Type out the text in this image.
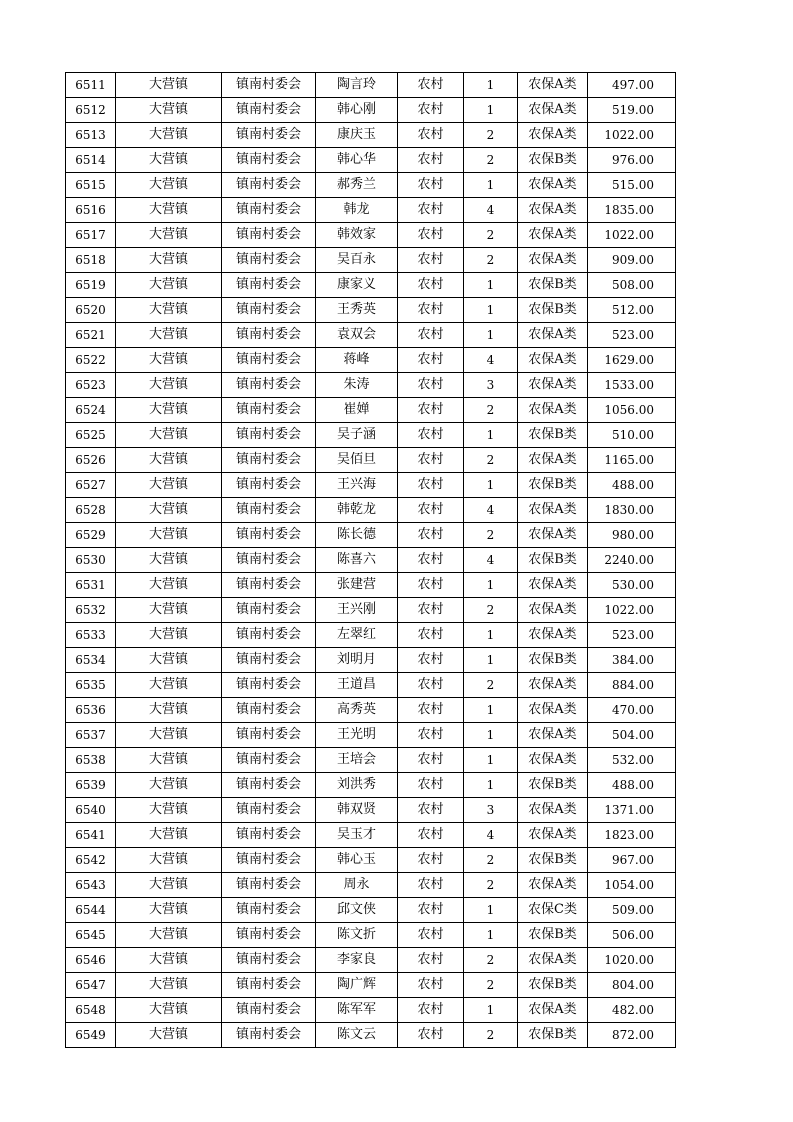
6511	大营镇	镇南村委会	陶言玲	农村	1	农保A类	497.00
6512	大营镇	镇南村委会	韩心刚	农村	1	农保A类	519.00
6513	大营镇	镇南村委会	康庆玉	农村	2	农保A类	1022.00
6514	大营镇	镇南村委会	韩心华	农村	2	农保B类	976.00
6515	大营镇	镇南村委会	郝秀兰	农村	1	农保A类	515.00
6516	大营镇	镇南村委会	韩龙	农村	4	农保A类	1835.00
6517	大营镇	镇南村委会	韩效家	农村	2	农保A类	1022.00
6518	大营镇	镇南村委会	吴百永	农村	2	农保A类	909.00
6519	大营镇	镇南村委会	康家义	农村	1	农保B类	508.00
6520	大营镇	镇南村委会	王秀英	农村	1	农保B类	512.00
6521	大营镇	镇南村委会	袁双会	农村	1	农保A类	523.00
6522	大营镇	镇南村委会	蒋峰	农村	4	农保A类	1629.00
6523	大营镇	镇南村委会	朱涛	农村	3	农保A类	1533.00
6524	大营镇	镇南村委会	崔婵	农村	2	农保A类	1056.00
6525	大营镇	镇南村委会	吴子涵	农村	1	农保B类	510.00
6526	大营镇	镇南村委会	吴佰旦	农村	2	农保A类	1165.00
6527	大营镇	镇南村委会	王兴海	农村	1	农保B类	488.00
6528	大营镇	镇南村委会	韩乾龙	农村	4	农保A类	1830.00
6529	大营镇	镇南村委会	陈长德	农村	2	农保A类	980.00
6530	大营镇	镇南村委会	陈喜六	农村	4	农保B类	2240.00
6531	大营镇	镇南村委会	张建营	农村	1	农保A类	530.00
6532	大营镇	镇南村委会	王兴刚	农村	2	农保A类	1022.00
6533	大营镇	镇南村委会	左翠红	农村	1	农保A类	523.00
6534	大营镇	镇南村委会	刘明月	农村	1	农保B类	384.00
6535	大营镇	镇南村委会	王道昌	农村	2	农保A类	884.00
6536	大营镇	镇南村委会	高秀英	农村	1	农保A类	470.00
6537	大营镇	镇南村委会	王光明	农村	1	农保A类	504.00
6538	大营镇	镇南村委会	王培会	农村	1	农保A类	532.00
6539	大营镇	镇南村委会	刘洪秀	农村	1	农保B类	488.00
6540	大营镇	镇南村委会	韩双贤	农村	3	农保A类	1371.00
6541	大营镇	镇南村委会	吴玉才	农村	4	农保A类	1823.00
6542	大营镇	镇南村委会	韩心玉	农村	2	农保B类	967.00
6543	大营镇	镇南村委会	周永	农村	2	农保A类	1054.00
6544	大营镇	镇南村委会	邱文侠	农村	1	农保C类	509.00
6545	大营镇	镇南村委会	陈文折	农村	1	农保B类	506.00
6546	大营镇	镇南村委会	李家良	农村	2	农保A类	1020.00
6547	大营镇	镇南村委会	陶广辉	农村	2	农保B类	804.00
6548	大营镇	镇南村委会	陈军军	农村	1	农保A类	482.00
6549	大营镇	镇南村委会	陈文云	农村	2	农保B类	872.00
